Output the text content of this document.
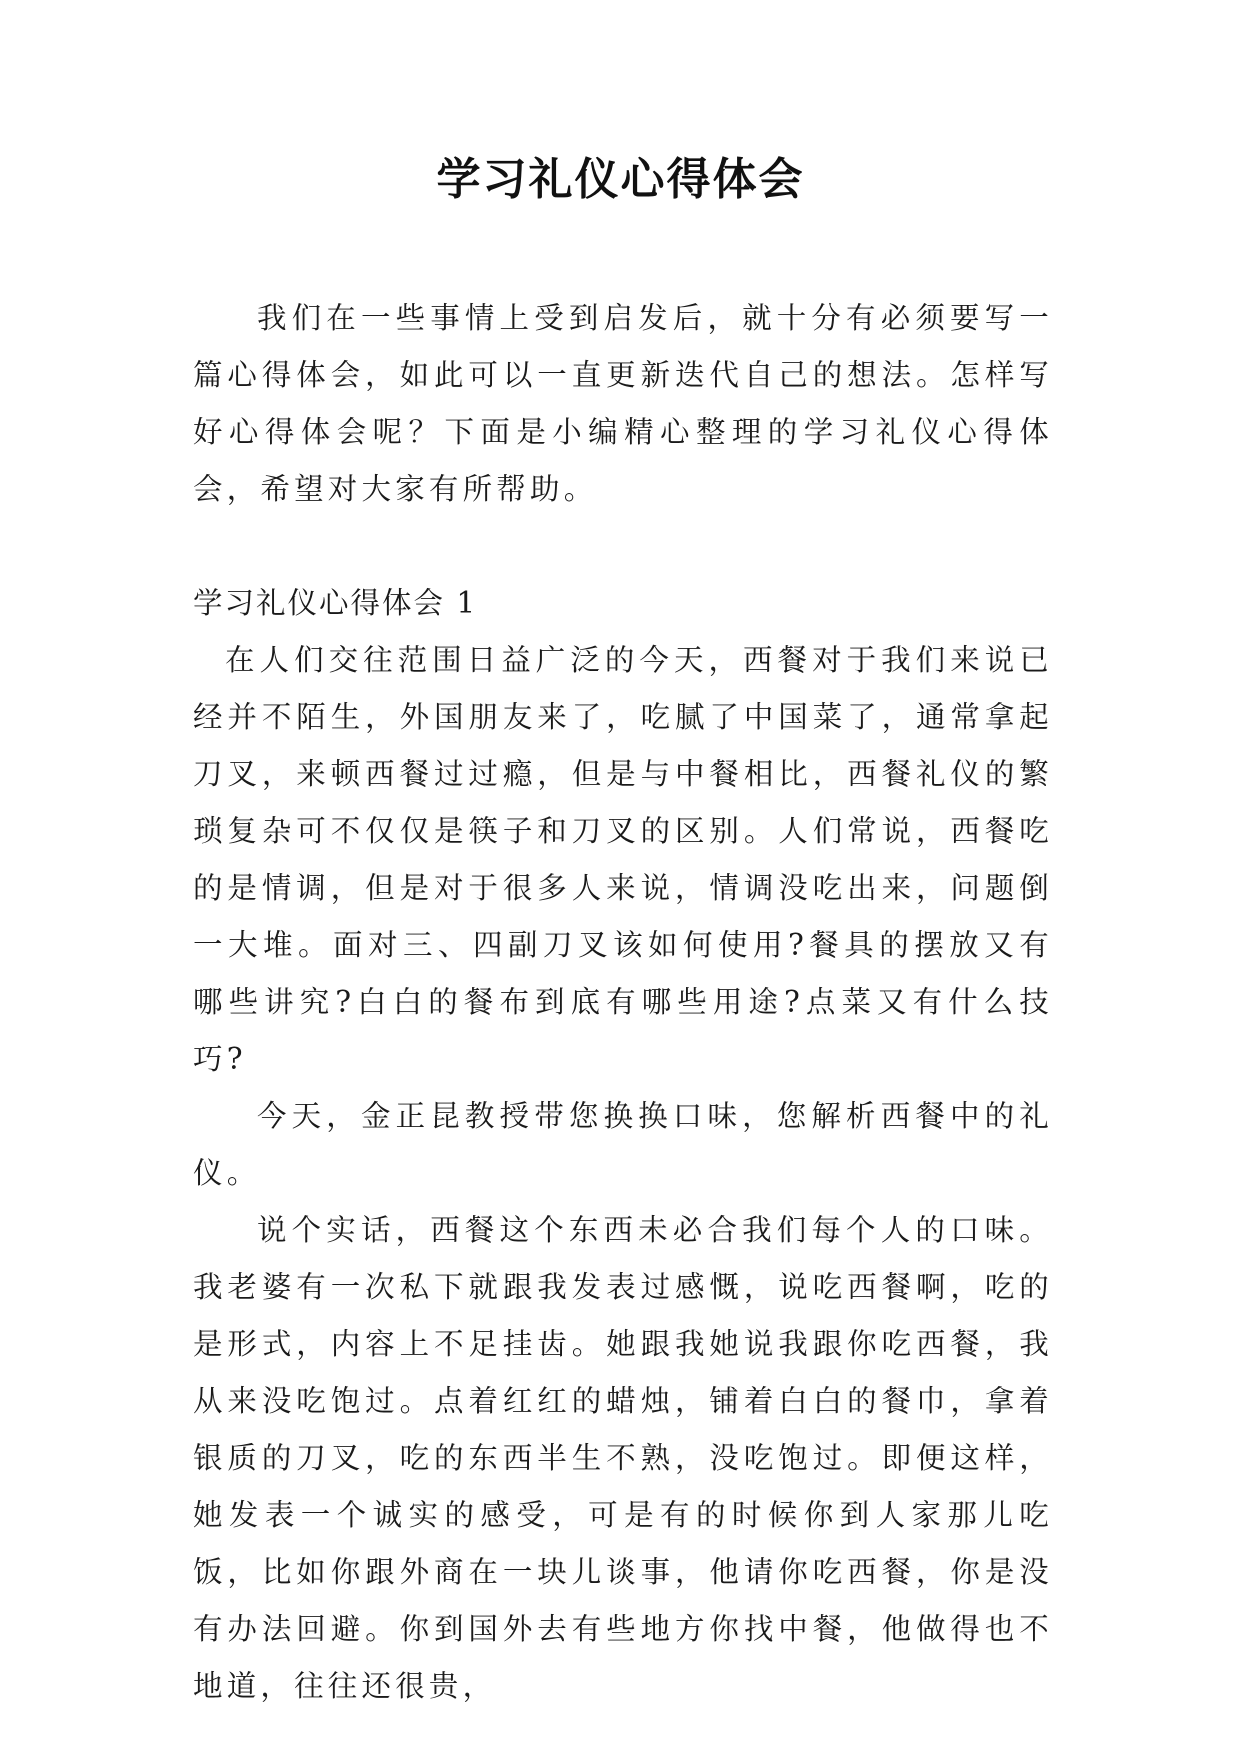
学习礼仪心得体会

我们在一些事情上受到启发后，就十分有必须要写一篇心得体会，如此可以一直更新迭代自己的想法。怎样写好心得体会呢？下面是小编精心整理的学习礼仪心得体会，希望对大家有所帮助。

学习礼仪心得体会 1

在人们交往范围日益广泛的今天，西餐对于我们来说已经并不陌生，外国朋友来了，吃腻了中国菜了，通常拿起刀叉，来顿西餐过过瘾，但是与中餐相比，西餐礼仪的繁琐复杂可不仅仅是筷子和刀叉的区别。人们常说，西餐吃的是情调，但是对于很多人来说，情调没吃出来，问题倒一大堆。面对三、四副刀叉该如何使用?餐具的摆放又有哪些讲究?白白的餐布到底有哪些用途?点菜又有什么技巧?

今天，金正昆教授带您换换口味，您解析西餐中的礼仪。

说个实话，西餐这个东西未必合我们每个人的口味。我老婆有一次私下就跟我发表过感慨，说吃西餐啊，吃的是形式，内容上不足挂齿。她跟我她说我跟你吃西餐，我从来没吃饱过。点着红红的蜡烛，铺着白白的餐巾，拿着银质的刀叉，吃的东西半生不熟，没吃饱过。即便这样，她发表一个诚实的感受，可是有的时候你到人家那儿吃饭，比如你跟外商在一块儿谈事，他请你吃西餐，你是没有办法回避。你到国外去有些地方你找中餐，他做得也不地道，往往还很贵，
